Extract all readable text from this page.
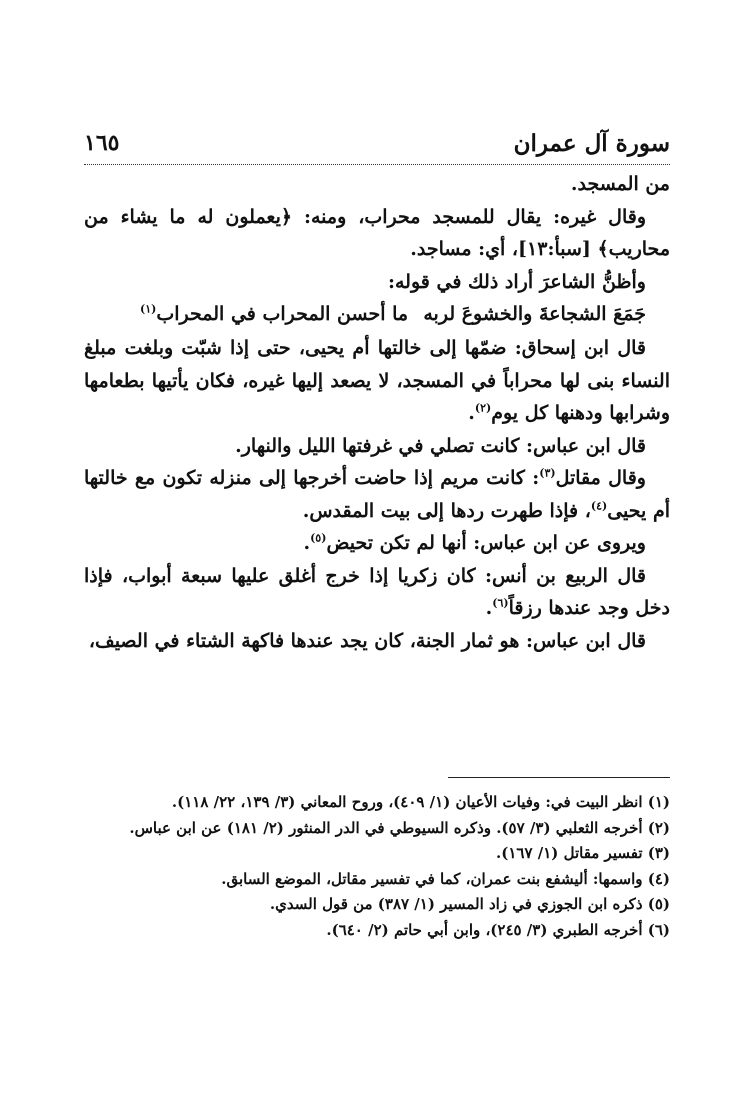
سورة آل عمران
١٦٥

من المسجد.

وقال غيره: يقال للمسجد محراب، ومنه: ﴿يعملون له ما يشاء من محاريب﴾ [سبأ:١٣]، أي: مساجد.

وأظنُّ الشاعرَ أراد ذلك في قوله:

جَمَعَ الشجاعةَ والخشوعَ لربه
ما أحسن المحراب في المحراب$^{(١)}$

قال ابن إسحاق: ضمّها إلى خالتها أم يحيى، حتى إذا شبّت وبلغت مبلغ النساء بنى لها محراباً في المسجد، لا يصعد إليها غيره، فكان يأتيها بطعامها وشرابها ودهنها كل يوم$^{(٢)}$.

قال ابن عباس: كانت تصلي في غرفتها الليل والنهار.

وقال مقاتل$^{(٣)}$: كانت مريم إذا حاضت أخرجها إلى منزله تكون مع خالتها أم يحيى$^{(٤)}$، فإذا طهرت ردها إلى بيت المقدس.

ويروى عن ابن عباس: أنها لم تكن تحيض$^{(٥)}$.

قال الربيع بن أنس: كان زكريا إذا خرج أغلق عليها سبعة أبواب، فإذا دخل وجد عندها رزقاً$^{(٦)}$.

قال ابن عباس: هو ثمار الجنة، كان يجد عندها فاكهة الشتاء في الصيف،

(١) انظر البيت في: وفيات الأعيان (١/ ٤٠٩)، وروح المعاني (٣/ ١٣٩، ٢٢/ ١١٨).

(٢) أخرجه الثعلبي (٣/ ٥٧). وذكره السيوطي في الدر المنثور (٢/ ١٨١) عن ابن عباس.

(٣) تفسير مقاتل (١/ ١٦٧).

(٤) واسمها: أليشفع بنت عمران، كما في تفسير مقاتل، الموضع السابق.

(٥) ذكره ابن الجوزي في زاد المسير (١/ ٣٨٧) من قول السدي.

(٦) أخرجه الطبري (٣/ ٢٤٥)، وابن أبي حاتم (٢/ ٦٤٠).
